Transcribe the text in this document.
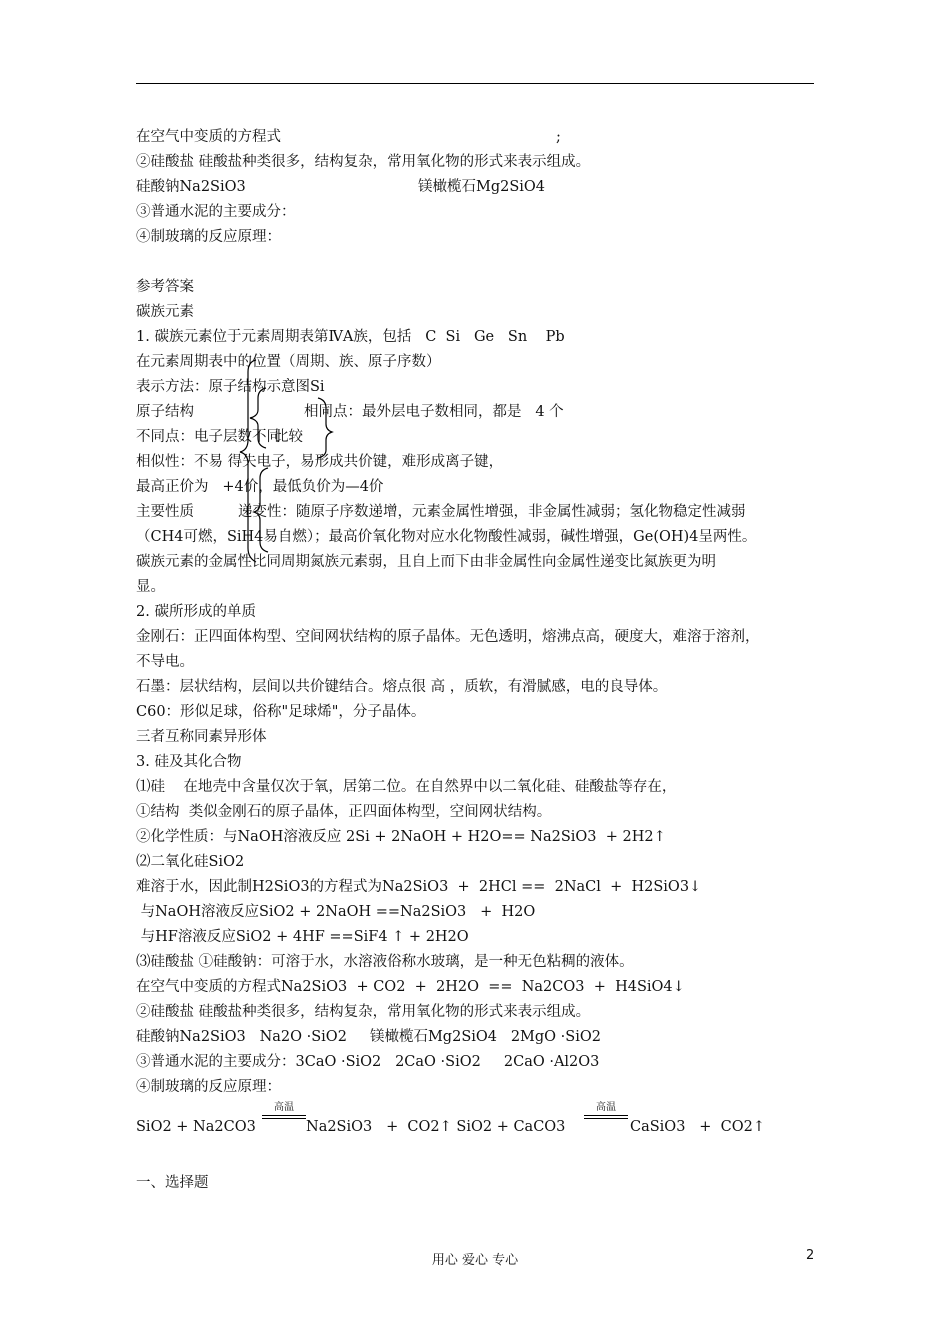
在空气中变质的方程式	;
②硅酸盐 硅酸盐种类很多，结构复杂，常用氧化物的形式来表示组成。
硅酸钠Na2SiO3	镁橄榄石Mg2SiO4
③普通水泥的主要成分：
④制玻璃的反应原理：
参考答案
碳族元素
1. 碳族元素位于元素周期表第ⅣA族，包括   C  Si   Ge   Sn    Pb
在元素周期表中的位置（周期、族、原子序数）
表示方法：原子结构示意图Si
原子结构	相同点：最外层电子数相同，都是   4 个
不同点：电子层数不同
比较
相似性：不易 得失电子，易形成共价键，难形成离子键，
最高正价为   +4价，最低负价为—4价
主要性质	递变性：随原子序数递增，元素金属性增强，非金属性减弱；氢化物稳定性减弱
（CH4可燃，SiH4易自燃）；最高价氧化物对应水化物酸性减弱，碱性增强，Ge(OH)4呈两性。
碳族元素的金属性比同周期氮族元素弱，且自上而下由非金属性向金属性递变比氮族更为明
显。
2. 碳所形成的单质
金刚石：正四面体构型、空间网状结构的原子晶体。无色透明，熔沸点高，硬度大，难溶于溶剂，
不导电。
石墨：层状结构，层间以共价键结合。熔点很 高 ，质软，有滑腻感，电的良导体。
C60：形似足球，俗称"足球烯"，分子晶体。
三者互称同素异形体
3. 硅及其化合物
⑴硅    在地壳中含量仅次于氧，居第二位。在自然界中以二氧化硅、硅酸盐等存在，
①结构  类似金刚石的原子晶体，正四面体构型，空间网状结构。
②化学性质：与NaOH溶液反应 2Si + 2NaOH + H2O== Na2SiO3  + 2H2↑
⑵二氧化硅SiO2
难溶于水，因此制H2SiO3的方程式为Na2SiO3  +  2HCl ==  2NaCl  +  H2SiO3↓
与NaOH溶液反应SiO2 + 2NaOH ==Na2SiO3   +  H2O
与HF溶液反应SiO2 + 4HF ==SiF4 ↑ + 2H2O
⑶硅酸盐 ①硅酸钠：可溶于水，水溶液俗称水玻璃，是一种无色粘稠的液体。
在空气中变质的方程式Na2SiO3  + CO2  +  2H2O  ==  Na2CO3  +  H4SiO4↓
②硅酸盐 硅酸盐种类很多，结构复杂，常用氧化物的形式来表示组成。
硅酸钠Na2SiO3   Na2O ·SiO2     镁橄榄石Mg2SiO4   2MgO ·SiO2
③普通水泥的主要成分：3CaO ·SiO2   2CaO ·SiO2     2CaO ·Al2O3
④制玻璃的反应原理：
SiO2 + Na2CO3
高温
Na2SiO3   +  CO2↑ SiO2 + CaCO3
高温
CaSiO3   +  CO2↑
一、选择题
用心 爱心 专心	2
